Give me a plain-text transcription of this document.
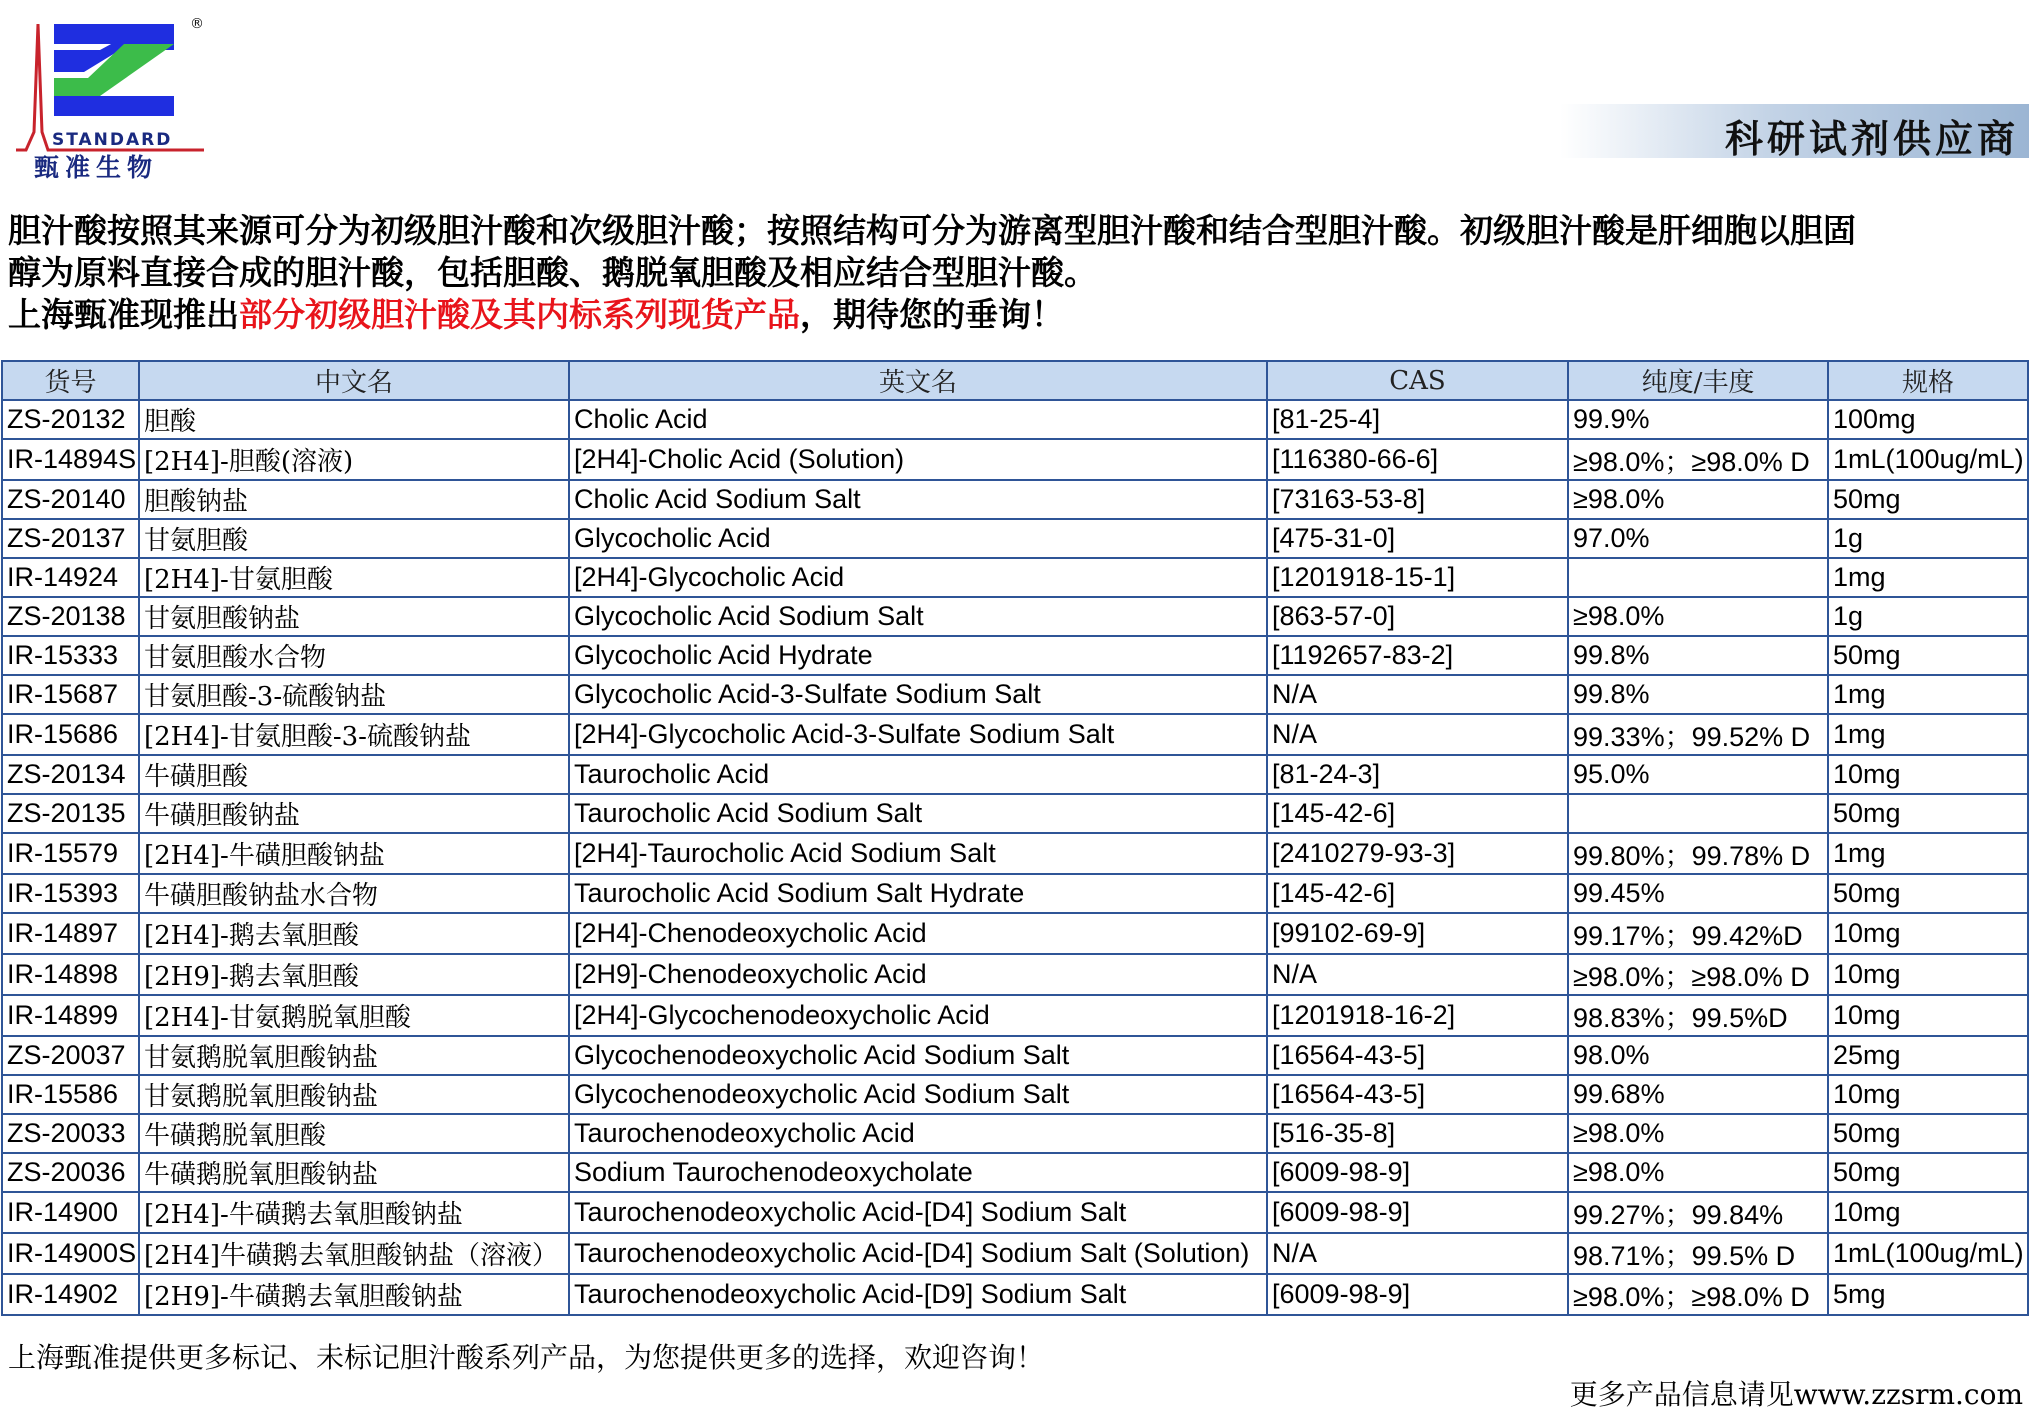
®
STANDARD
甄准生物
科研试剂供应商

胆汁酸按照其来源可分为初级胆汁酸和次级胆汁酸；按照结构可分为游离型胆汁酸和结合型胆汁酸。初级胆汁酸是肝细胞以胆固

醇为原料直接合成的胆汁酸，包括胆酸、鹅脱氧胆酸及相应结合型胆汁酸。

上海甄准现推出部分初级胆汁酸及其内标系列现货产品，期待您的垂询！

货号	中文名	英文名	CAS	纯度/丰度	规格
ZS-20132	胆酸	Cholic Acid	[81-25-4]	99.9%	100mg
IR-14894S	[2H4]-胆酸(溶液)	[2H4]-Cholic Acid (Solution)	[116380-66-6]	≥98.0%；≥98.0% D	1mL(100ug/mL)
ZS-20140	胆酸钠盐	Cholic Acid Sodium Salt	[73163-53-8]	≥98.0%	50mg
ZS-20137	甘氨胆酸	Glycocholic Acid	[475-31-0]	97.0%	1g
IR-14924	[2H4]-甘氨胆酸	[2H4]-Glycocholic Acid	[1201918-15-1]		1mg
ZS-20138	甘氨胆酸钠盐	Glycocholic Acid Sodium Salt	[863-57-0]	≥98.0%	1g
IR-15333	甘氨胆酸水合物	Glycocholic Acid Hydrate	[1192657-83-2]	99.8%	50mg
IR-15687	甘氨胆酸-3-硫酸钠盐	Glycocholic Acid-3-Sulfate Sodium Salt	N/A	99.8%	1mg
IR-15686	[2H4]-甘氨胆酸-3-硫酸钠盐	[2H4]-Glycocholic Acid-3-Sulfate Sodium Salt	N/A	99.33%；99.52% D	1mg
ZS-20134	牛磺胆酸	Taurocholic Acid	[81-24-3]	95.0%	10mg
ZS-20135	牛磺胆酸钠盐	Taurocholic Acid Sodium Salt	[145-42-6]		50mg
IR-15579	[2H4]-牛磺胆酸钠盐	[2H4]-Taurocholic Acid Sodium Salt	[2410279-93-3]	99.80%；99.78% D	1mg
IR-15393	牛磺胆酸钠盐水合物	Taurocholic Acid Sodium Salt Hydrate	[145-42-6]	99.45%	50mg
IR-14897	[2H4]-鹅去氧胆酸	[2H4]-Chenodeoxycholic Acid	[99102-69-9]	99.17%；99.42%D	10mg
IR-14898	[2H9]-鹅去氧胆酸	[2H9]-Chenodeoxycholic Acid	N/A	≥98.0%；≥98.0% D	10mg
IR-14899	[2H4]-甘氨鹅脱氧胆酸	[2H4]-Glycochenodeoxycholic Acid	[1201918-16-2]	98.83%；99.5%D	10mg
ZS-20037	甘氨鹅脱氧胆酸钠盐	Glycochenodeoxycholic Acid Sodium Salt	[16564-43-5]	98.0%	25mg
IR-15586	甘氨鹅脱氧胆酸钠盐	Glycochenodeoxycholic Acid Sodium Salt	[16564-43-5]	99.68%	10mg
ZS-20033	牛磺鹅脱氧胆酸	Taurochenodeoxycholic Acid	[516-35-8]	≥98.0%	50mg
ZS-20036	牛磺鹅脱氧胆酸钠盐	Sodium Taurochenodeoxycholate	[6009-98-9]	≥98.0%	50mg
IR-14900	[2H4]-牛磺鹅去氧胆酸钠盐	Taurochenodeoxycholic Acid-[D4] Sodium Salt	[6009-98-9]	99.27%；99.84%	10mg
IR-14900S	[2H4]牛磺鹅去氧胆酸钠盐（溶液）	Taurochenodeoxycholic Acid-[D4] Sodium Salt (Solution)	N/A	98.71%；99.5% D	1mL(100ug/mL)
IR-14902	[2H9]-牛磺鹅去氧胆酸钠盐	Taurochenodeoxycholic Acid-[D9] Sodium Salt	[6009-98-9]	≥98.0%；≥98.0% D	5mg
上海甄准提供更多标记、未标记胆汁酸系列产品，为您提供更多的选择，欢迎咨询！
更多产品信息请见www.zzsrm.com
